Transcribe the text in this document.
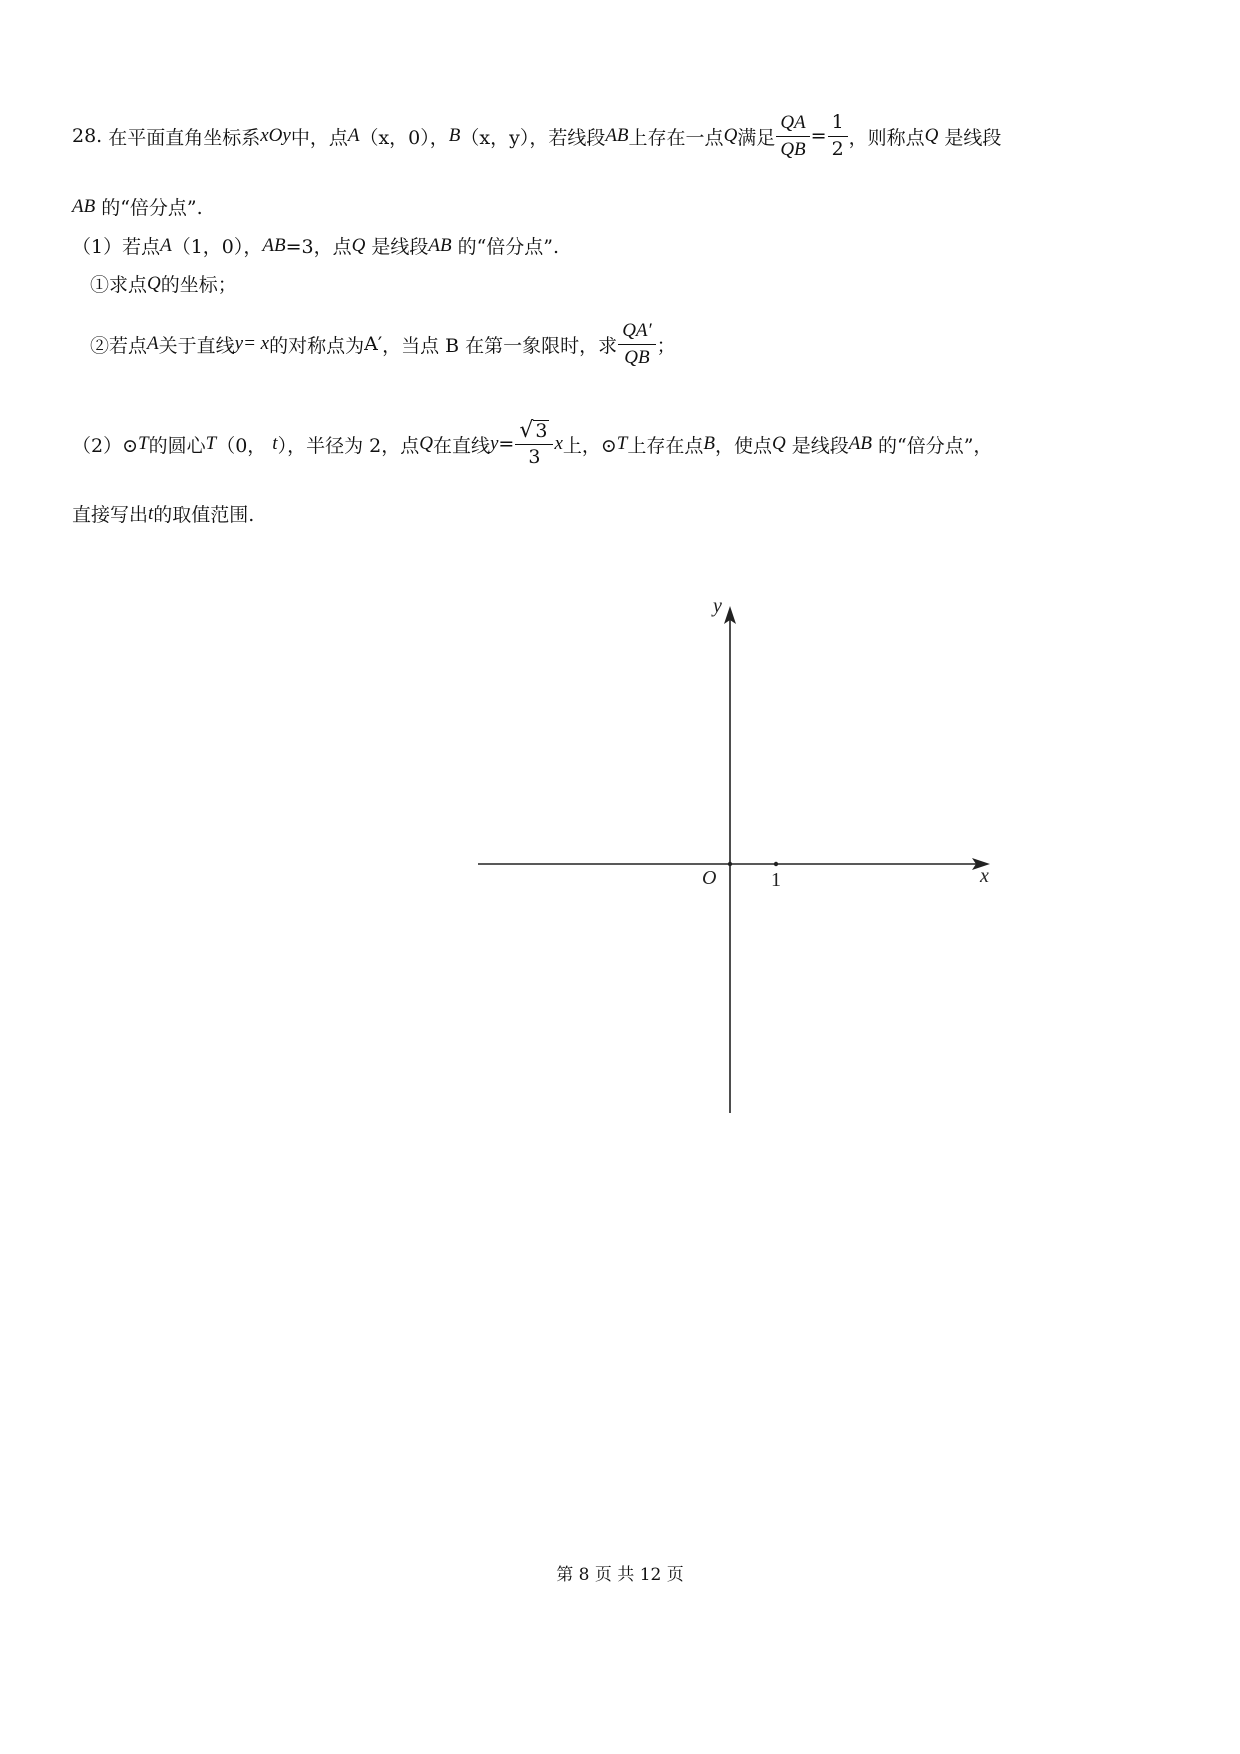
28. 在平面直角坐标系 xOy 中，点 A （x，0）， B （x，y），若线段 AB 上存在一点 Q 满足 $\frac{QA}{QB} = \frac{1}{2}$ ，则称点 Q 是线段
AB 的“倍分点”.
（1）若点 A （1，0）， AB =3，点 Q 是线段 AB 的“倍分点”.
①求点 Q 的坐标；
②若点 A 关于直线 y= x 的对称点为 A′ ，当点 B 在第一象限时，求 $\frac{QA'}{QB}$ ；
（2）⊙ T 的圆心 T （0， t ），半径为 2，点 Q 在直线 $y = \frac{√ 3}{3}$ x 上，⊙ T 上存在点 B ，使点 Q 是线段 AB 的“倍分点”，
直接写出 t 的取值范围.
y
x
O	1
第 8 页 共 12 页
